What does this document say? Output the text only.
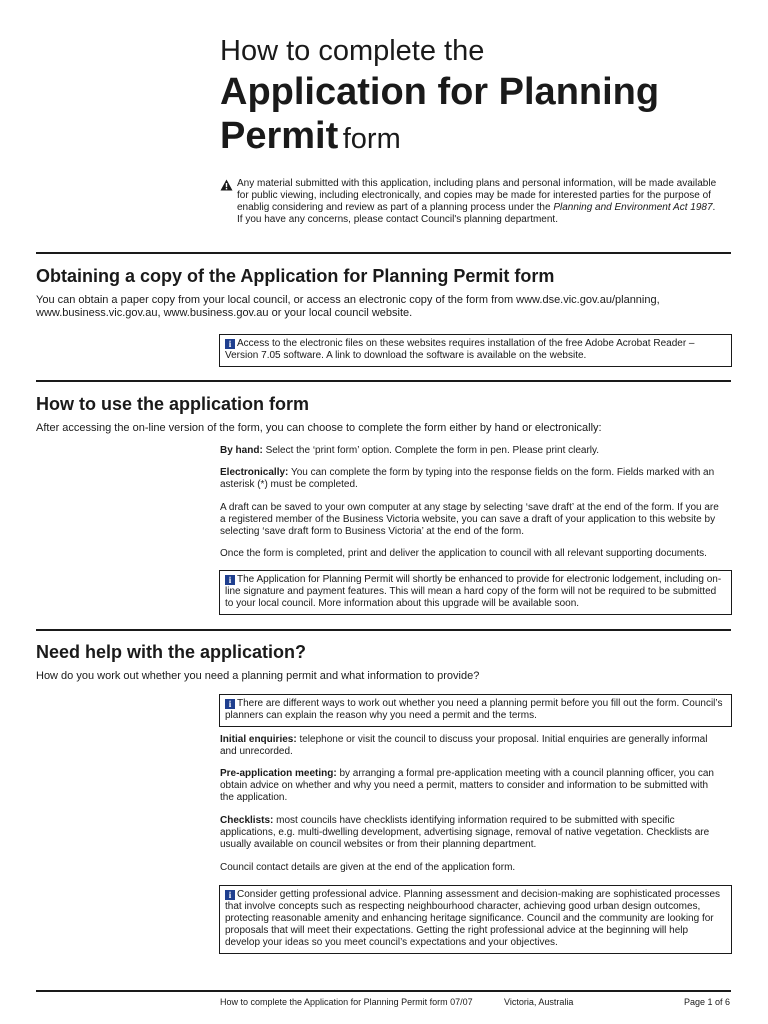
How to complete the
Application for Planning
Permit form
Any material submitted with this application, including plans and personal information, will be made available for public viewing, including electronically, and copies may be made for interested parties for the purpose of enablig considering and review as part of a planning process under the Planning and Environment Act 1987. If you have any concerns, please contact Council's planning department.
Obtaining a copy of the Application for Planning Permit form
You can obtain a paper copy from your local council, or access an electronic copy of the form from www.dse.vic.gov.au/planning, www.business.vic.gov.au, www.business.gov.au or your local council website.
i Access to the electronic files on these websites requires installation of the free Adobe Acrobat Reader – Version 7.05 software. A link to download the software is available on the website.
How to use the application form
After accessing the on-line version of the form, you can choose to complete the form either by hand or electronically:
By hand: Select the ‘print form’ option. Complete the form in pen. Please print clearly.
Electronically: You can complete the form by typing into the response fields on the form. Fields marked with an asterisk (*) must be completed.
A draft can be saved to your own computer at any stage by selecting ‘save draft’ at the end of the form. If you are a registered member of the Business Victoria website, you can save a draft of your application to this website by selecting ‘save draft form to Business Victoria’ at the end of the form.
Once the form is completed, print and deliver the application to council with all relevant supporting documents.
i The Application for Planning Permit will shortly be enhanced to provide for electronic lodgement, including on-line signature and payment features. This will mean a hard copy of the form will not be required to be submitted to your local council. More information about this upgrade will be available soon.
Need help with the application?
How do you work out whether you need a planning permit and what information to provide?
i There are different ways to work out whether you need a planning permit before you fill out the form. Council’s planners can explain the reason why you need a permit and the terms.
Initial enquiries: telephone or visit the council to discuss your proposal. Initial enquiries are generally informal and unrecorded.
Pre-application meeting: by arranging a formal pre-application meeting with a council planning officer, you can obtain advice on whether and why you need a permit, matters to consider and information to be submitted with the application.
Checklists: most councils have checklists identifying information required to be submitted with specific applications, e.g. multi-dwelling development, advertising signage, removal of native vegetation. Checklists are usually available on council websites or from their planning department.
Council contact details are given at the end of the application form.
i Consider getting professional advice. Planning assessment and decision-making are sophisticated processes that involve concepts such as respecting neighbourhood character, achieving good urban design outcomes, protecting reasonable amenity and enhancing heritage significance. Council and the community are looking for proposals that will meet their expectations. Getting the right professional advice at the beginning will help develop your ideas so you meet council’s expectations and your objectives.
How to complete the Application for Planning Permit form 07/07	Victoria, Australia	Page 1 of 6
